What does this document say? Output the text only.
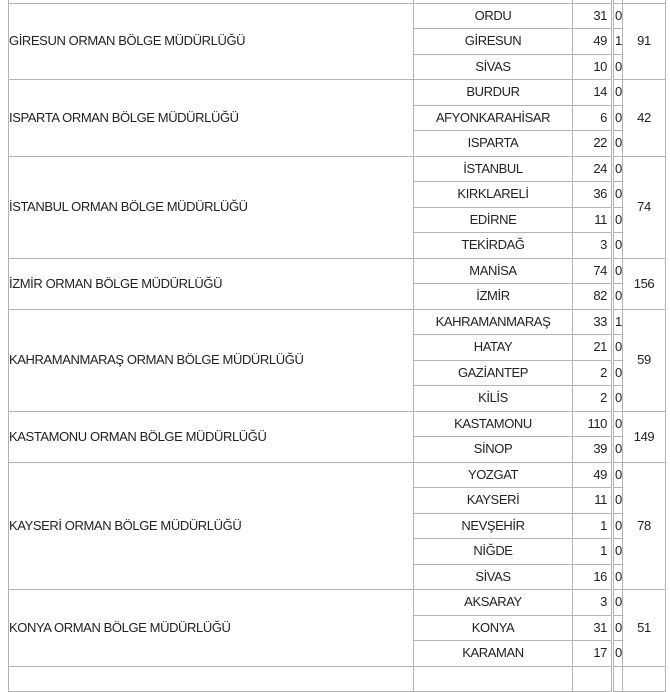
GİRESUN ORMAN BÖLGE MÜDÜRLÜĞÜ	ORDU	31	0	91
	GİRESUN	49	1	
	SİVAS	10	0	
ISPARTA ORMAN BÖLGE MÜDÜRLÜĞÜ	BURDUR	14	0	42
	AFYONKARAHİSAR	6	0	
	ISPARTA	22	0	
İSTANBUL ORMAN BÖLGE MÜDÜRLÜĞÜ	İSTANBUL	24	0	74
	KIRKLARELİ	36	0	
	EDİRNE	11	0	
	TEKİRDAĞ	3	0	
İZMİR ORMAN BÖLGE MÜDÜRLÜĞÜ	MANİSA	74	0	156
	İZMİR	82	0	
KAHRAMANMARAŞ ORMAN BÖLGE MÜDÜRLÜĞÜ	KAHRAMANMARAŞ	33	1	59
	HATAY	21	0	
	GAZİANTEP	2	0	
	KİLİS	2	0	
KASTAMONU ORMAN BÖLGE MÜDÜRLÜĞÜ	KASTAMONU	110	0	149
	SİNOP	39	0	
KAYSERİ ORMAN BÖLGE MÜDÜRLÜĞÜ	YOZGAT	49	0	78
	KAYSERİ	11	0	
	NEVŞEHİR	1	0	
	NİĞDE	1	0	
	SİVAS	16	0	
KONYA ORMAN BÖLGE MÜDÜRLÜĞÜ	AKSARAY	3	0	51
	KONYA	31	0	
	KARAMAN	17	0	
